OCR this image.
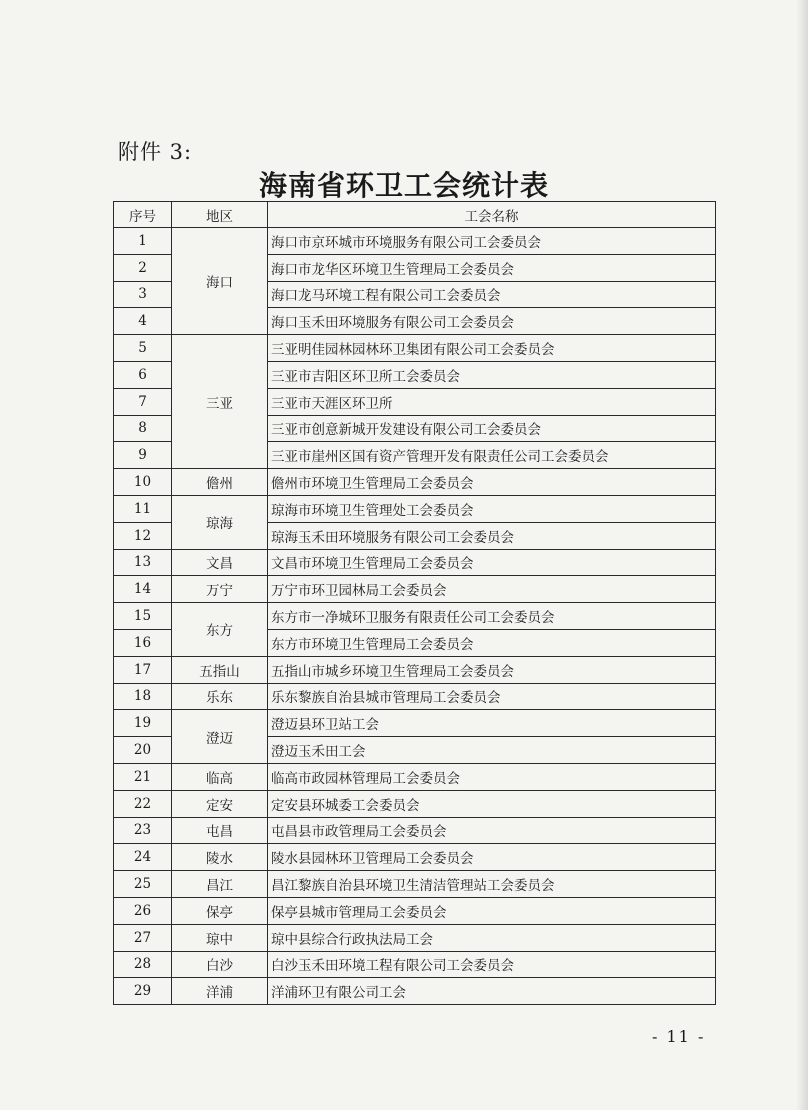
附件 3:
海南省环卫工会统计表
序号	地区	工会名称
1	海口	海口市京环城市环境服务有限公司工会委员会
2		海口市龙华区环境卫生管理局工会委员会
3		海口龙马环境工程有限公司工会委员会
4		海口玉禾田环境服务有限公司工会委员会
5	三亚	三亚明佳园林园林环卫集团有限公司工会委员会
6		三亚市吉阳区环卫所工会委员会
7		三亚市天涯区环卫所
8		三亚市创意新城开发建设有限公司工会委员会
9		三亚市崖州区国有资产管理开发有限责任公司工会委员会
10	儋州	儋州市环境卫生管理局工会委员会
11	琼海	琼海市环境卫生管理处工会委员会
12		琼海玉禾田环境服务有限公司工会委员会
13	文昌	文昌市环境卫生管理局工会委员会
14	万宁	万宁市环卫园林局工会委员会
15	东方	东方市一净城环卫服务有限责任公司工会委员会
16		东方市环境卫生管理局工会委员会
17	五指山	五指山市城乡环境卫生管理局工会委员会
18	乐东	乐东黎族自治县城市管理局工会委员会
19	澄迈	澄迈县环卫站工会
20		澄迈玉禾田工会
21	临高	临高市政园林管理局工会委员会
22	定安	定安县环城委工会委员会
23	屯昌	屯昌县市政管理局工会委员会
24	陵水	陵水县园林环卫管理局工会委员会
25	昌江	昌江黎族自治县环境卫生清洁管理站工会委员会
26	保亭	保亭县城市管理局工会委员会
27	琼中	琼中县综合行政执法局工会
28	白沙	白沙玉禾田环境工程有限公司工会委员会
29	洋浦	洋浦环卫有限公司工会
- 11 -
